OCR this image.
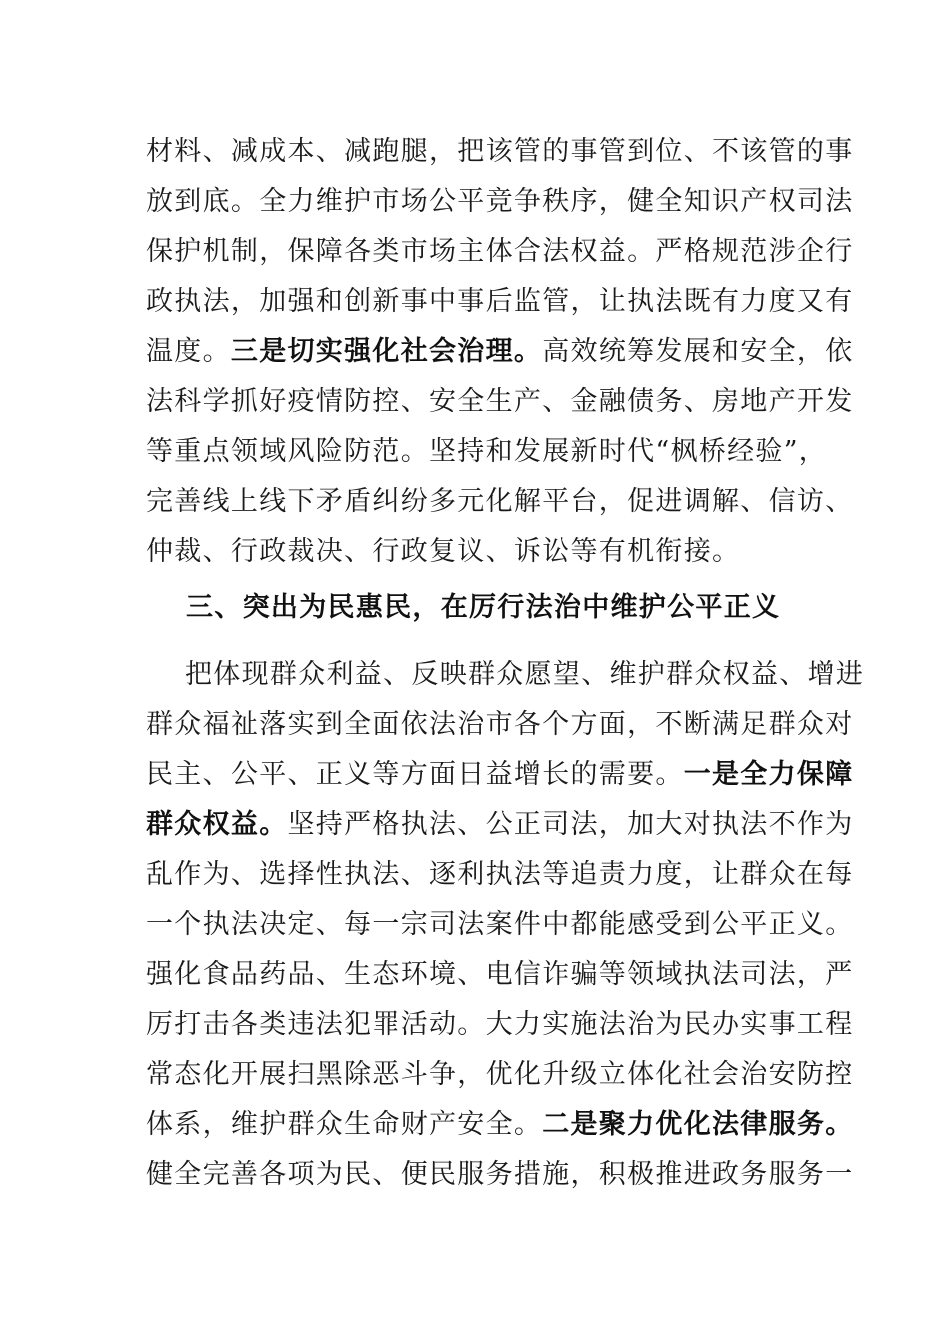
材料、减成本、减跑腿，把该管的事管到位、不该管的事
放到底。全力维护市场公平竞争秩序，健全知识产权司法
保护机制，保障各类市场主体合法权益。严格规范涉企行
政执法，加强和创新事中事后监管，让执法既有力度又有
温度。三是切实强化社会治理。高效统筹发展和安全，依
法科学抓好疫情防控、安全生产、金融债务、房地产开发
等重点领域风险防范。坚持和发展新时代“枫桥经验”，
完善线上线下矛盾纠纷多元化解平台，促进调解、信访、
仲裁、行政裁决、行政复议、诉讼等有机衔接。
三、突出为民惠民，在厉行法治中维护公平正义
把体现群众利益、反映群众愿望、维护群众权益、增进
群众福祉落实到全面依法治市各个方面，不断满足群众对
民主、公平、正义等方面日益增长的需要。一是全力保障
群众权益。坚持严格执法、公正司法，加大对执法不作为
乱作为、选择性执法、逐利执法等追责力度，让群众在每
一个执法决定、每一宗司法案件中都能感受到公平正义。
强化食品药品、生态环境、电信诈骗等领域执法司法，严
厉打击各类违法犯罪活动。大力实施法治为民办实事工程
常态化开展扫黑除恶斗争，优化升级立体化社会治安防控
体系，维护群众生命财产安全。二是聚力优化法律服务。
健全完善各项为民、便民服务措施，积极推进政务服务一
